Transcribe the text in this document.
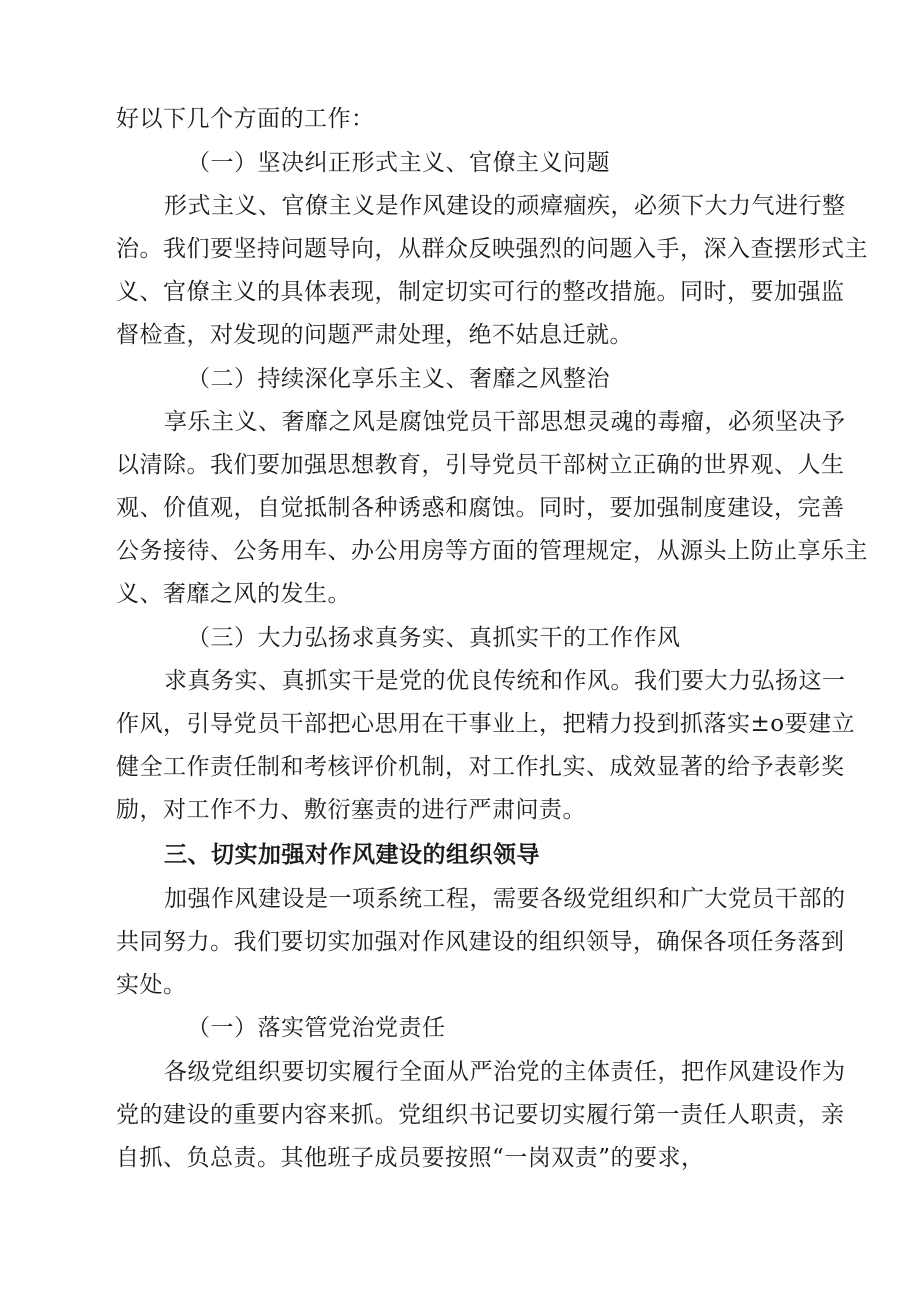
好以下几个方面的工作：
（一）坚决纠正形式主义、官僚主义问题
形式主义、官僚主义是作风建设的顽瘴痼疾，必须下大力气进行整
治。我们要坚持问题导向，从群众反映强烈的问题入手，深入查摆形式主
义、官僚主义的具体表现，制定切实可行的整改措施。同时，要加强监
督检查，对发现的问题严肃处理，绝不姑息迁就。
（二）持续深化享乐主义、奢靡之风整治
享乐主义、奢靡之风是腐蚀党员干部思想灵魂的毒瘤，必须坚决予
以清除。我们要加强思想教育，引导党员干部树立正确的世界观、人生
观、价值观，自觉抵制各种诱惑和腐蚀。同时，要加强制度建设，完善
公务接待、公务用车、办公用房等方面的管理规定，从源头上防止享乐主
义、奢靡之风的发生。
（三）大力弘扬求真务实、真抓实干的工作作风
求真务实、真抓实干是党的优良传统和作风。我们要大力弘扬这一
作风，引导党员干部把心思用在干事业上，把精力投到抓落实±o要建立
健全工作责任制和考核评价机制，对工作扎实、成效显著的给予表彰奖
励，对工作不力、敷衍塞责的进行严肃问责。
三、切实加强对作风建设的组织领导
加强作风建设是一项系统工程，需要各级党组织和广大党员干部的
共同努力。我们要切实加强对作风建设的组织领导，确保各项任务落到
实处。
（一）落实管党治党责任
各级党组织要切实履行全面从严治党的主体责任，把作风建设作为
党的建设的重要内容来抓。党组织书记要切实履行第一责任人职责，亲
自抓、负总责。其他班子成员要按照“一岗双责”的要求，
